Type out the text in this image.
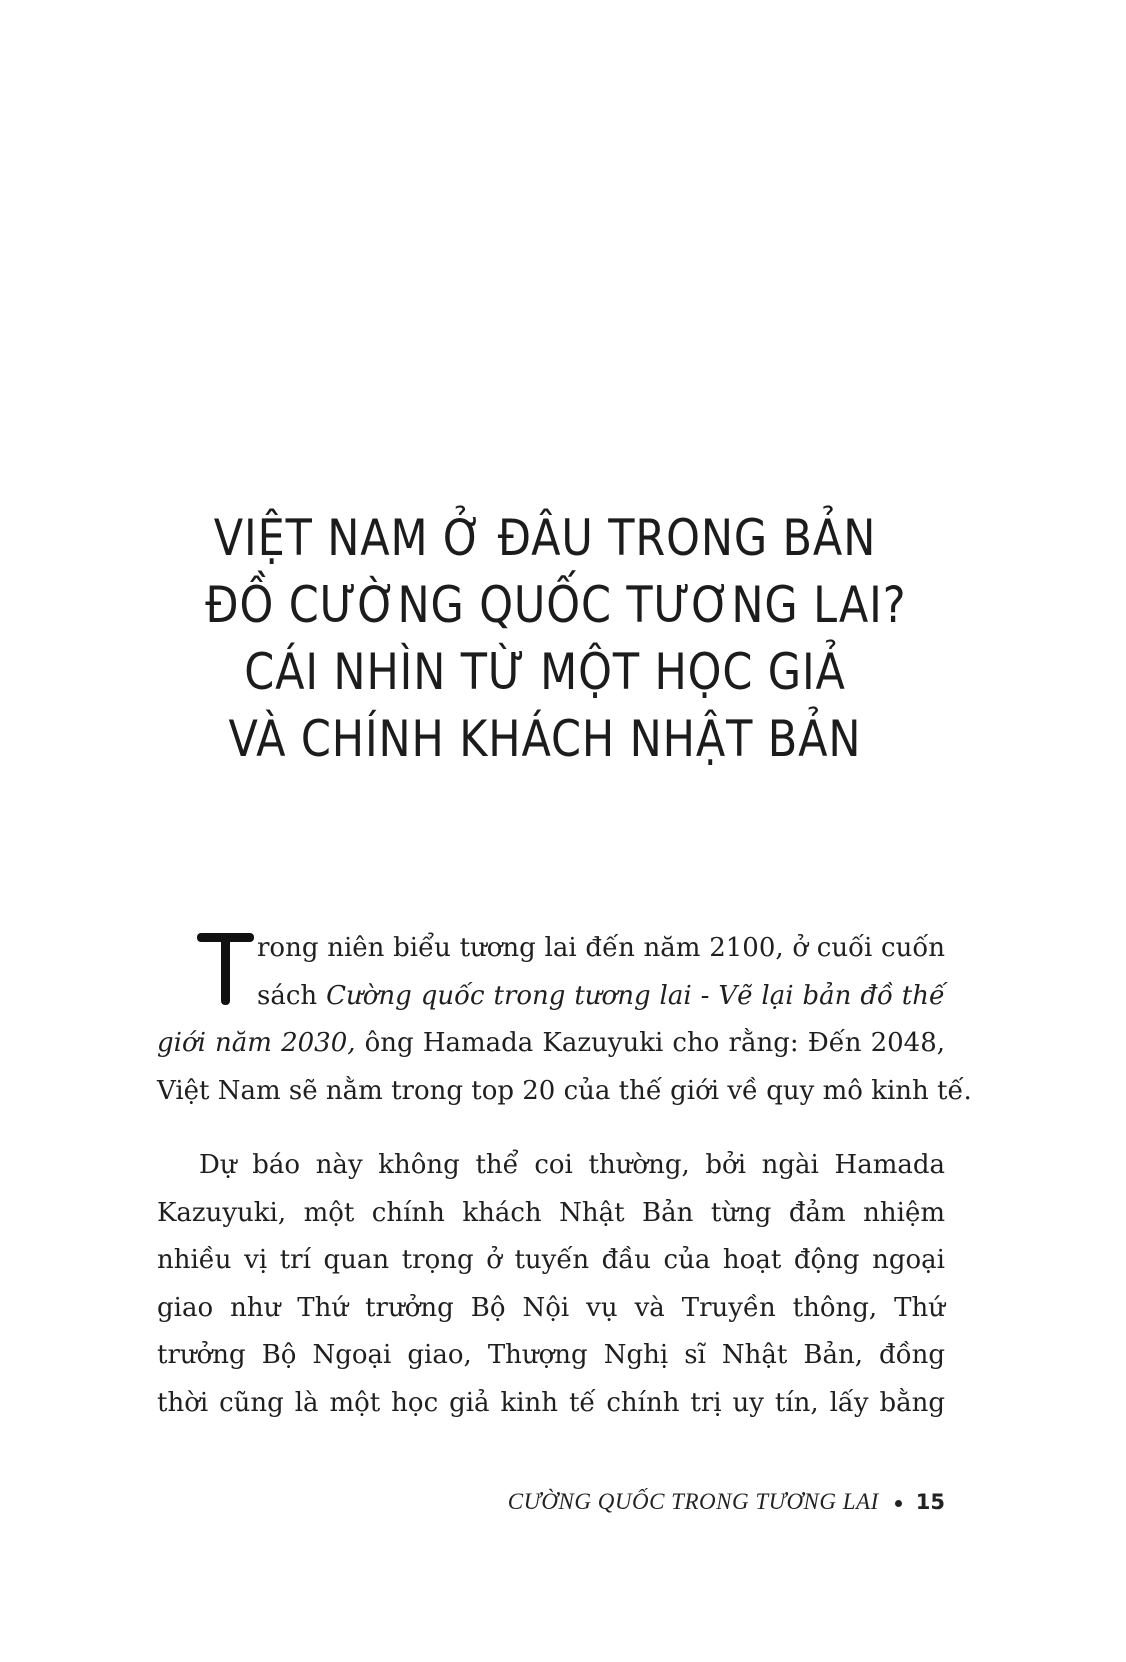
VIỆT NAM Ở ĐÂU TRONG BẢN
ĐỒ CƯỜNG QUỐC TƯƠNG LAI?
CÁI NHÌN TỪ MỘT HỌC GIẢ
VÀ CHÍNH KHÁCH NHẬT BẢN

rong niên biểu tương lai đến năm 2100, ở cuối cuốn
sách Cường quốc trong tương lai - Vẽ lại bản đồ thế
giới năm 2030, ông Hamada Kazuyuki cho rằng: Đến 2048,
Việt Nam sẽ nằm trong top 20 của thế giới về quy mô kinh tế.

Dự báo này không thể coi thường, bởi ngài Hamada
Kazuyuki, một chính khách Nhật Bản từng đảm nhiệm
nhiều vị trí quan trọng ở tuyến đầu của hoạt động ngoại
giao như Thứ trưởng Bộ Nội vụ và Truyền thông, Thứ
trưởng Bộ Ngoại giao, Thượng Nghị sĩ Nhật Bản, đồng
thời cũng là một học giả kinh tế chính trị uy tín, lấy bằng

CƯỜNG QUỐC TRONG TƯƠNG LAI 15
